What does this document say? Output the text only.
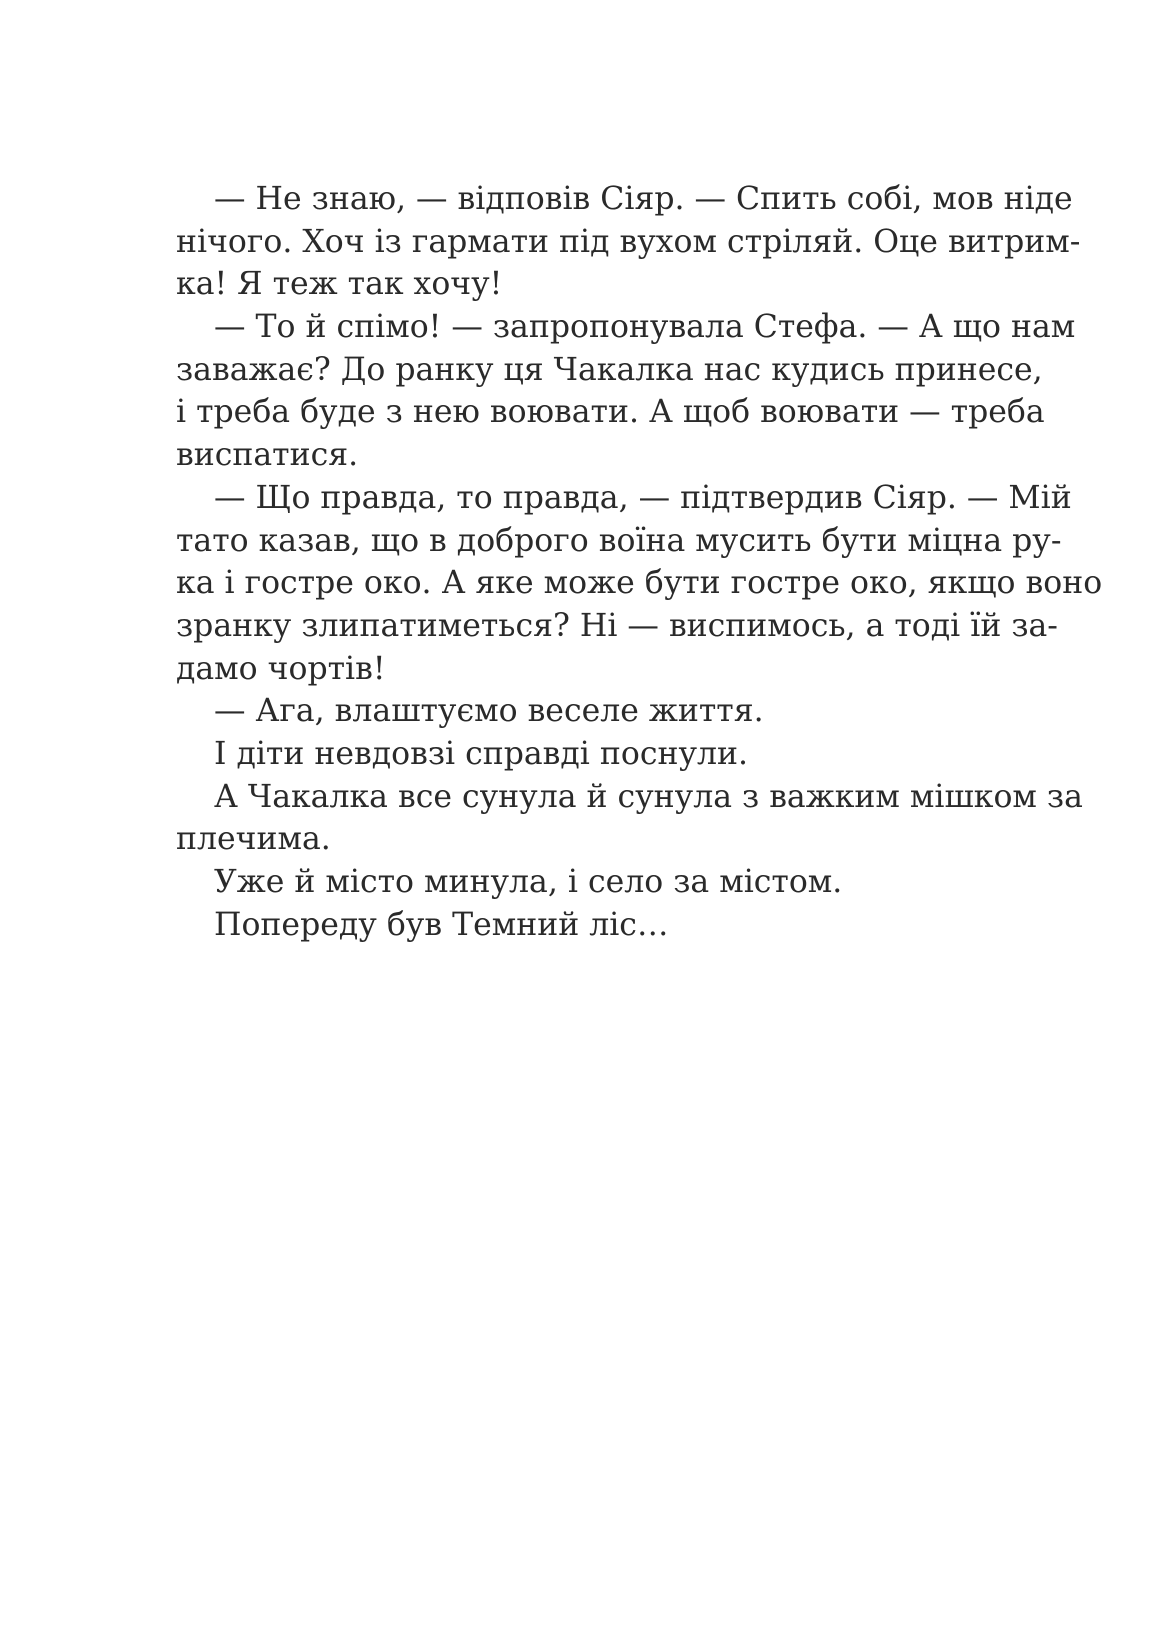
— Не знаю, — відповів Сіяр. — Спить собі, мов ніде
нічого. Хоч із гармати під вухом стріляй. Оце витрим-
ка! Я теж так хочу!
— То й спімо! — запропонувала Стефа. — А що нам
заважає? До ранку ця Чакалка нас кудись принесе,
і треба буде з нею воювати. А щоб воювати — треба
виспатися.
— Що правда, то правда, — підтвердив Сіяр. — Мій
тато казав, що в доброго воїна мусить бути міцна ру-
ка і гостре око. А яке може бути гостре око, якщо воно
зранку злипатиметься? Ні — виспимось, а тоді їй за-
дамо чортів!
— Ага, влаштуємо веселе життя.
І діти невдовзі справді поснули.
А Чакалка все сунула й сунула з важким мішком за
плечима.
Уже й місто минула, і село за містом.
Попереду був Темний ліс…
